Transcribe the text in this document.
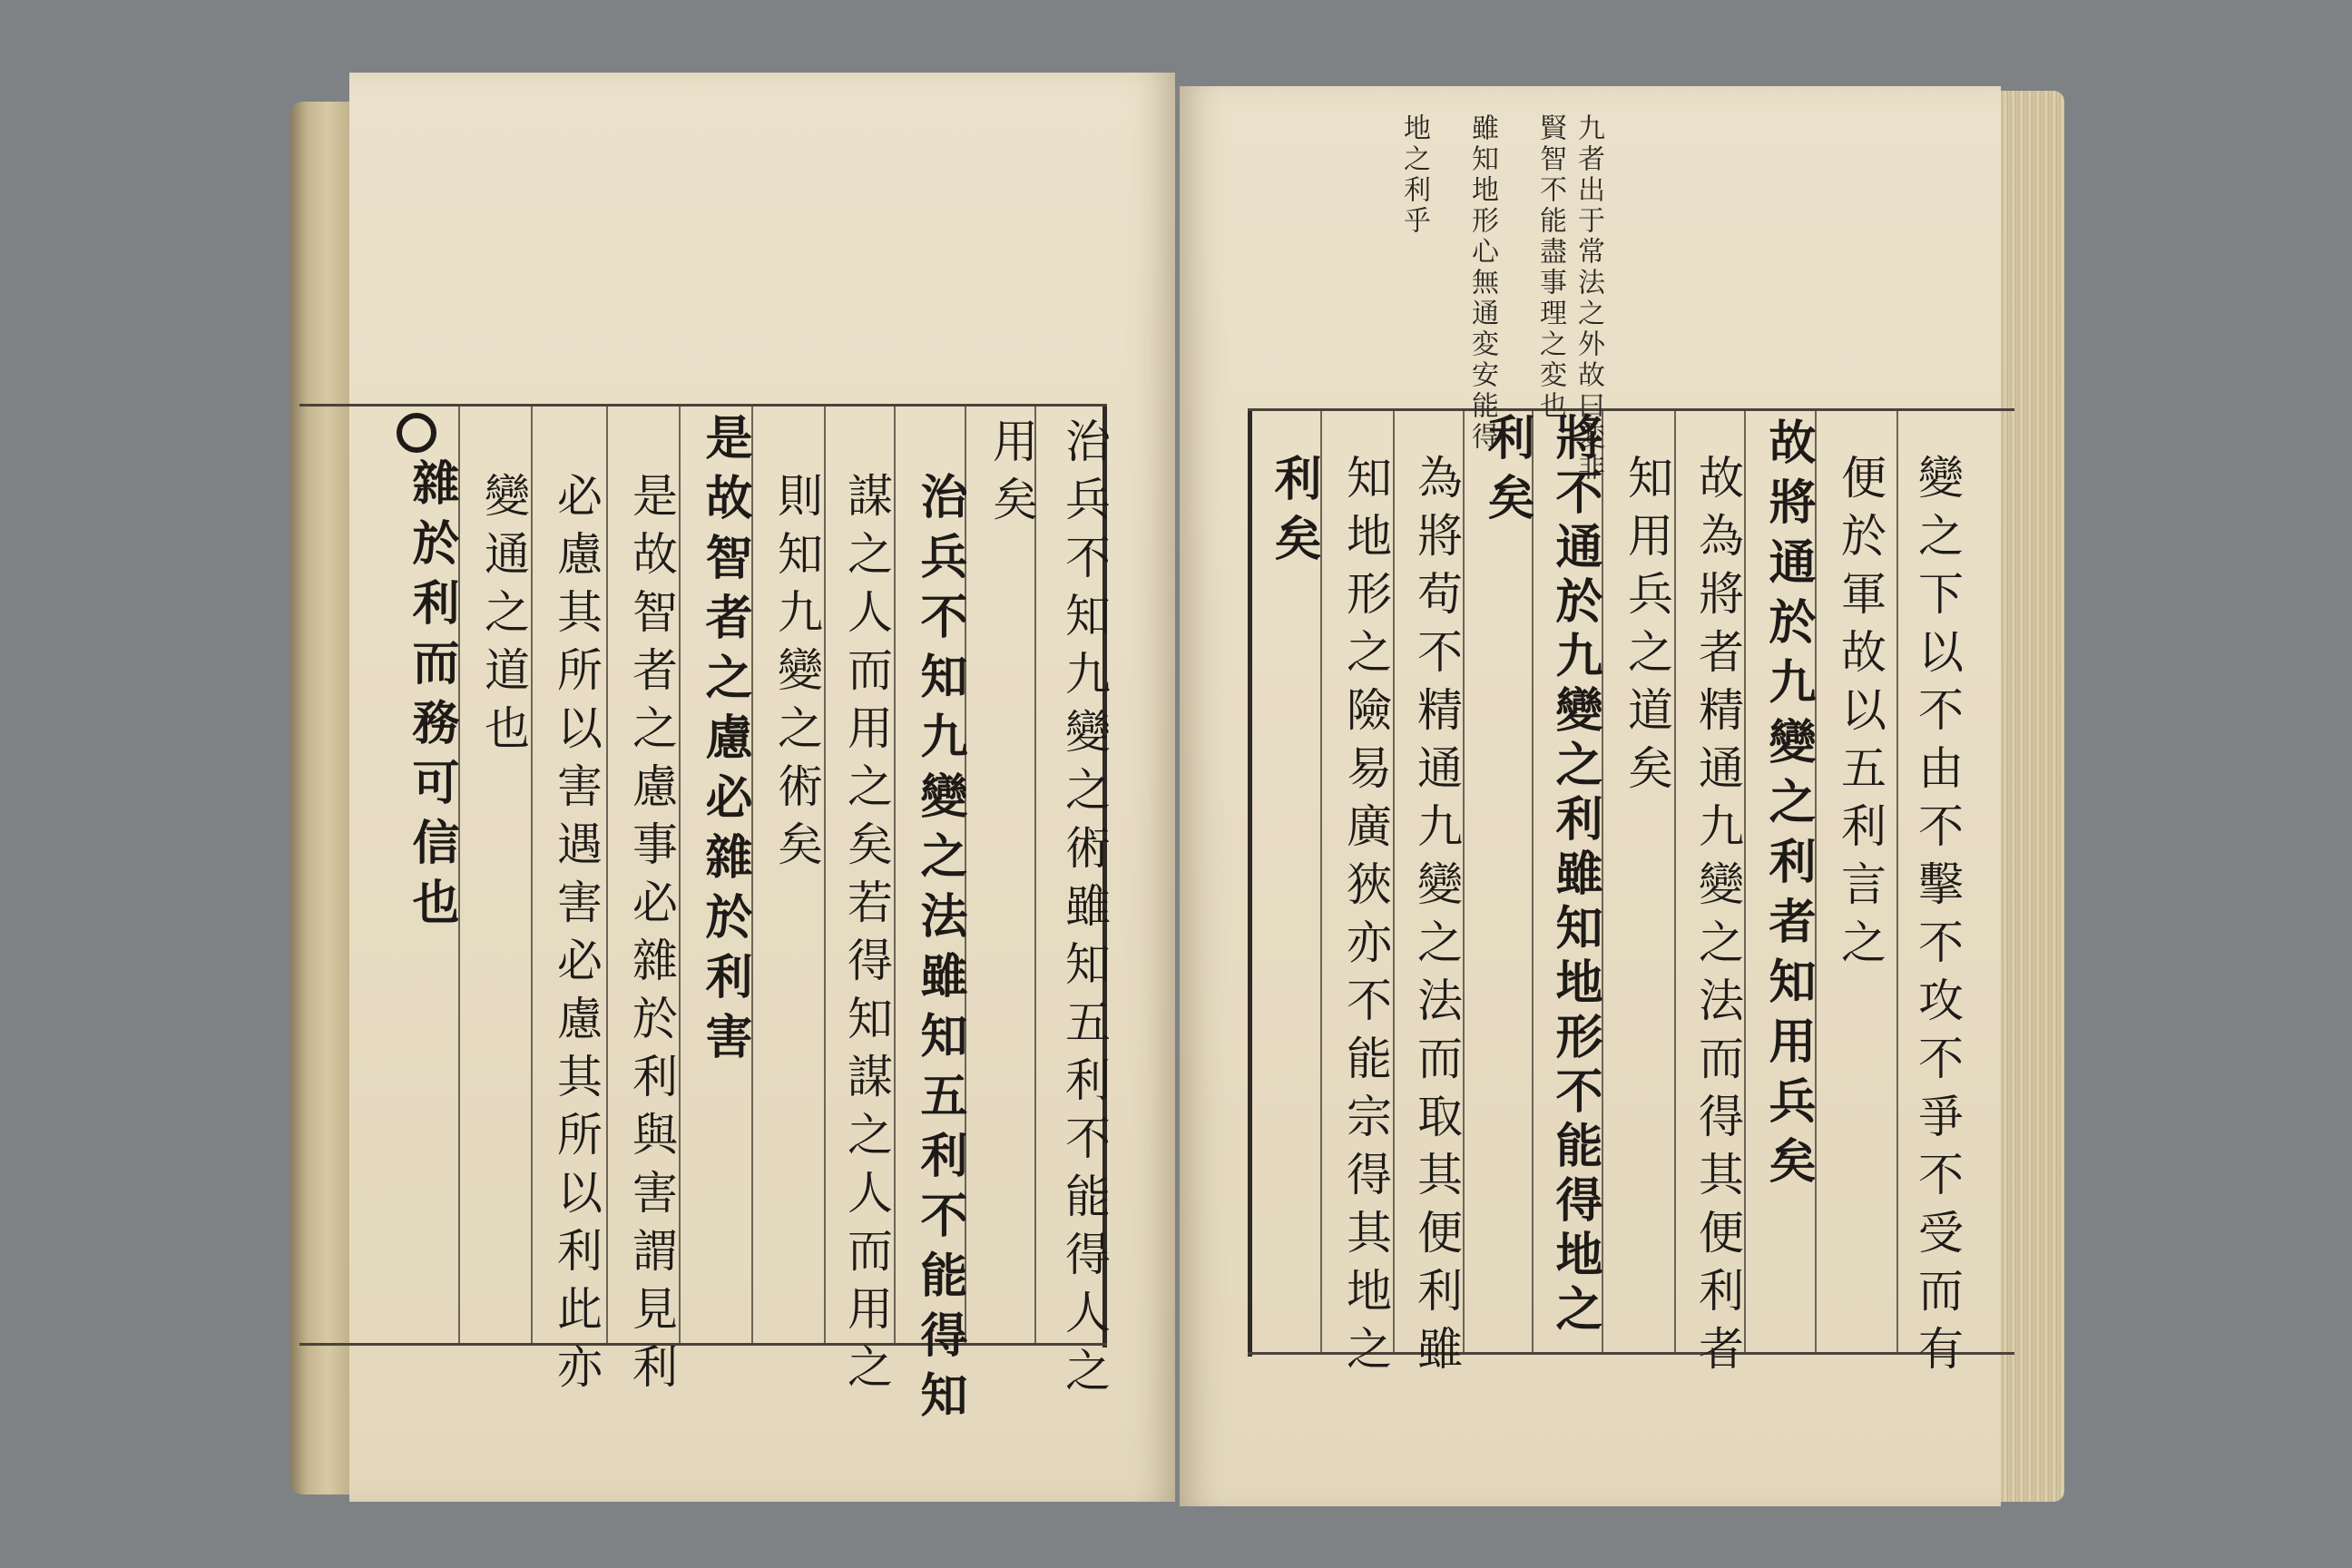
治兵不知九變之術雖知五利不能得人之
用矣
治兵不知九變之法雖知五利不能得知
謀之人而用之矣若得知謀之人而用之
則知九變之術矣
是故智者之慮必雜於利害
是故智者之慮事必雜於利與害謂見利
必慮其所以害遇害必慮其所以利此亦
變通之道也
雜於利而務可信也
九者出于常法之外故曰変非
賢智不能盡事理之変也
雖知地形心無通変安能得
地之利乎
變之下以不由不擊不攻不爭不受而有
便於軍故以五利言之
故將通於九變之利者知用兵矣
故為將者精通九變之法而得其便利者
知用兵之道矣
將不通於九變之利雖知地形不能得地之
利矣
為將苟不精通九變之法而取其便利雖
知地形之險易廣狹亦不能宗得其地之
利矣
